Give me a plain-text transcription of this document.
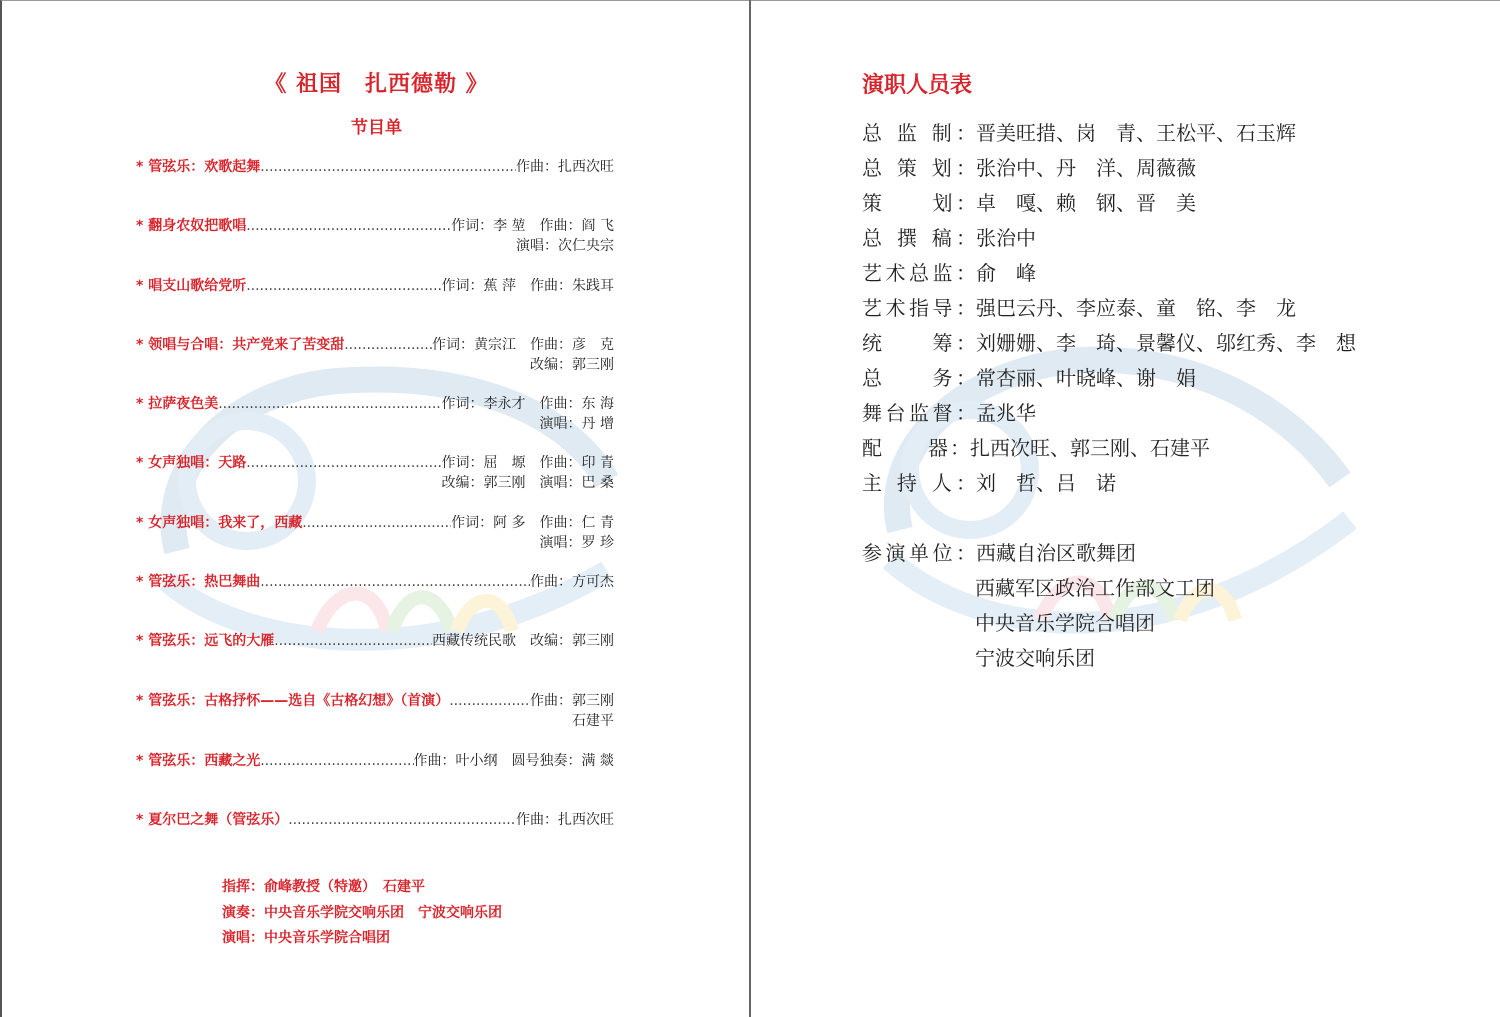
《 祖国　扎西德勒 》
节目单
* 管弦乐：欢歌起舞 .....	作曲：扎西次旺
* 翻身农奴把歌唱 .....	作词：李 堃　作曲：阎 飞
演唱：次仁央宗
* 唱支山歌给党听 .....	作词：蕉 萍　作曲：朱践耳
* 领唱与合唱：共产党来了苦变甜 .....	作词：黄宗江　作曲：彦　克
改编：郭三刚
* 拉萨夜色美 .....	作词：李永才　作曲：东 海
演唱：丹 增
* 女声独唱：天路 .....	作词：屈　塬　作曲：印 青
改编：郭三刚　演唱：巴 桑
* 女声独唱：我来了，西藏 .....	作词：阿 多　作曲：仁 青
演唱：罗 珍
* 管弦乐：热巴舞曲 .....	作曲：方可杰
* 管弦乐：远飞的大雁 .....	西藏传统民歌　改编：郭三刚
* 管弦乐：古格抒怀——选自《古格幻想》（首演） .....	作曲：郭三刚
石建平
* 管弦乐：西藏之光 .....	作曲：叶小纲　圆号独奏：满 燚
* 夏尔巴之舞（管弦乐） .....	作曲：扎西次旺
指挥：俞峰教授（特邀）　石建平
演奏：中央音乐学院交响乐团　宁波交响乐团
演唱：中央音乐学院合唱团
演职人员表
总 监 制： 晋美旺措、岗　青、王松平、石玉辉
总 策 划： 张治中、丹　洋、周薇薇
策　　划： 卓　嘎、赖　钢、晋　美
总 撰 稿： 张治中
艺术总监： 俞　峰
艺术指导： 强巴云丹、李应泰、童　铭、李　龙
统　　筹： 刘姗姗、李　琦、景馨仪、邬红秀、李　想
总　　务： 常杏丽、叶晓峰、谢　娟
舞台监督： 孟兆华
配　　器： 扎西次旺、郭三刚、石建平
主 持 人： 刘　哲、吕　诺
参演单位： 西藏自治区歌舞团
西藏军区政治工作部文工团
中央音乐学院合唱团
宁波交响乐团
